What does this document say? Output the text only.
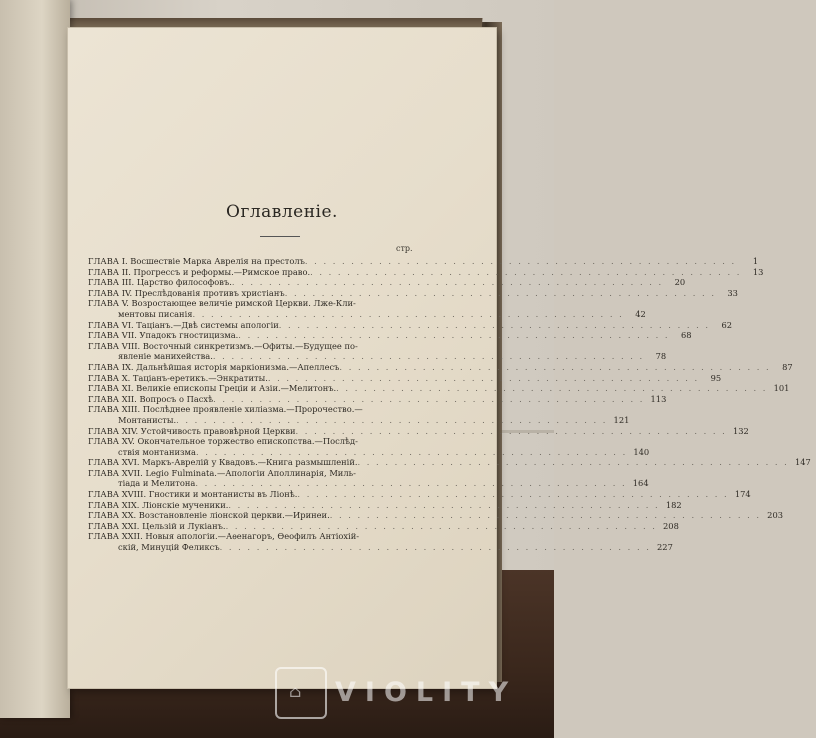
Оглавленіе.
стр.
ГЛАВА I. Восшествіе Марка Аврелія на престолъ . . .	1
ГЛАВА II. Прогрессъ и реформы.—Римское право. . . .	13
ГЛАВА III. Царство философовъ. . . .	20
ГЛАВА IV. Преслѣдованія противъ христіанъ . . .	33
ГЛАВА V. Возростающее величіе римской Церкви. Лже-Кли-
ментовы писанія . . .	42
ГЛАВА VI. Таціанъ.—Двѣ системы апологіи . . .	62
ГЛАВА VII. Упадокъ гностицизма. . . .	68
ГЛАВА VIII. Восточный синкретизмъ.—Офиты.—Будущее по-
явленіе манихейства. . . .	78
ГЛАВА IX. Дальнѣйшая исторія маркіонизма.—Апеллесъ . . .	87
ГЛАВА X. Таціанъ-еретикъ.—Энкратиты. . . .	95
ГЛАВА XI. Великіе епископы Греціи и Азіи.—Мелитонъ. . . .	101
ГЛАВА XII. Вопросъ о Пасхѣ . . .	113
ГЛАВА XIII. Послѣднее проявленіе хиліазма.—Пророчество.—
Монтанисты. . . .	121
ГЛАВА XIV. Устойчивость правовѣрной Церкви . . .	132
ГЛАВА XV. Окончательное торжество епископства.—Послѣд-
ствія монтанизма . . .	140
ГЛАВА XVI. Маркъ-Аврелій у Квадовъ.—Книга размышленій. . . .	147
ГЛАВА XVII. Legio Fulminata.—Апологіи Аполлинарія, Миль-
тіада и Мелитона . . .	164
ГЛАВА XVIII. Гностики и монтанисты въ Ліонѣ. . . .	174
ГЛАВА XIX. Ліонскіе мученики. . . .	182
ГЛАВА XX. Возстановленіе ліонской церкви.—Иринеи. . . .	203
ГЛАВА XXI. Цельзій и Лукіанъ. . . .	208
ГЛАВА XXII. Новыя апологіи.—Аѳенагоръ, Ѳеофилъ Антіохій-
скій, Минуцій Феликсъ . . .	227
⌂ VIOLITY
